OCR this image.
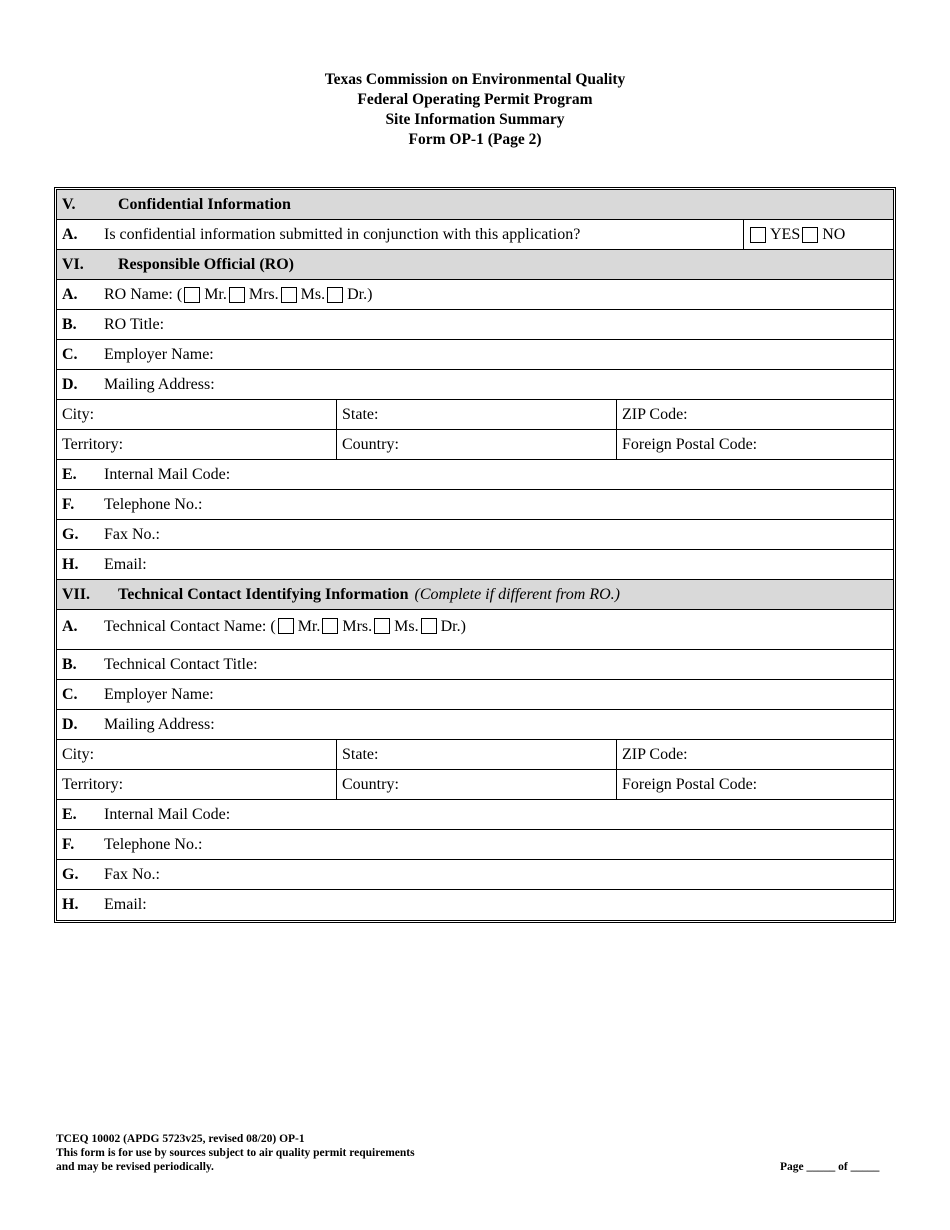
Texas Commission on Environmental Quality
Federal Operating Permit Program
Site Information Summary
Form OP-1 (Page 2)
V.	Confidential Information
A.	Is confidential information submitted in conjunction with this application?	YES NO
VI.	Responsible Official (RO)
A.	RO Name: ( Mr. Mrs. Ms. Dr.)
B.	RO Title:
C.	Employer Name:
D.	Mailing Address:
City:	State:	ZIP Code:
Territory:	Country:	Foreign Postal Code:
E.	Internal Mail Code:
F.	Telephone No.:
G.	Fax No.:
H.	Email:
VII.	Technical Contact Identifying Information (Complete if different from RO.)
A.	Technical Contact Name: ( Mr. Mrs. Ms. Dr.)
B.	Technical Contact Title:
C.	Employer Name:
D.	Mailing Address:
City:	State:	ZIP Code:
Territory:	Country:	Foreign Postal Code:
E.	Internal Mail Code:
F.	Telephone No.:
G.	Fax No.:
H.	Email:
TCEQ 10002 (APDG 5723v25, revised 08/20) OP-1
This form is for use by sources subject to air quality permit requirements
and may be revised periodically.	Page _____ of _____
